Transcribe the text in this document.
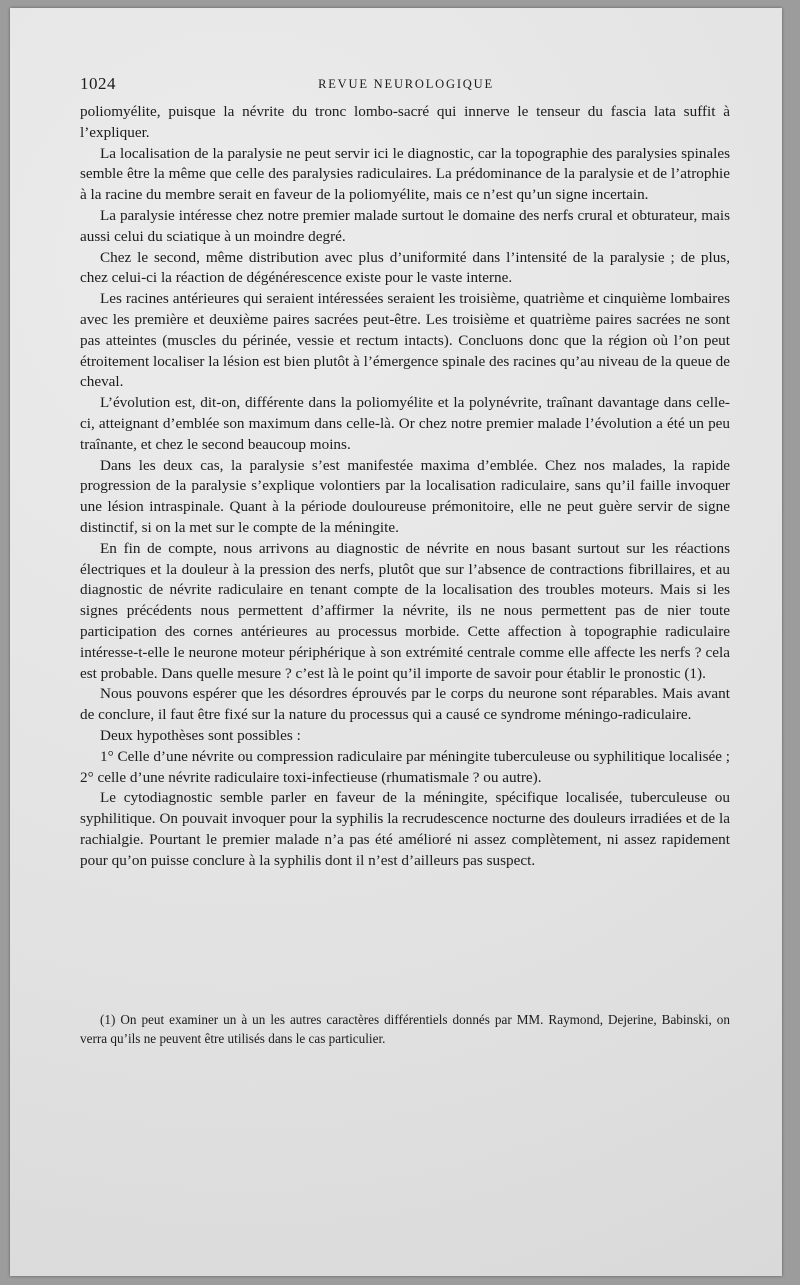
1024	REVUE NEUROLOGIQUE

poliomyélite, puisque la névrite du tronc lombo-sacré qui innerve le tenseur du fascia lata suffit à l’expliquer.

La localisation de la paralysie ne peut servir ici le diagnostic, car la topographie des paralysies spinales semble être la même que celle des paralysies radiculaires. La prédominance de la paralysie et de l’atrophie à la racine du membre serait en faveur de la poliomyélite, mais ce n’est qu’un signe incertain.

La paralysie intéresse chez notre premier malade surtout le domaine des nerfs crural et obturateur, mais aussi celui du sciatique à un moindre degré.

Chez le second, même distribution avec plus d’uniformité dans l’intensité de la paralysie ; de plus, chez celui-ci la réaction de dégénérescence existe pour le vaste interne.

Les racines antérieures qui seraient intéressées seraient les troisième, quatrième et cinquième lombaires avec les première et deuxième paires sacrées peut-être. Les troisième et quatrième paires sacrées ne sont pas atteintes (muscles du périnée, vessie et rectum intacts). Concluons donc que la région où l’on peut étroitement localiser la lésion est bien plutôt à l’émergence spinale des racines qu’au niveau de la queue de cheval.

L’évolution est, dit-on, différente dans la poliomyélite et la polynévrite, traînant davantage dans celle-ci, atteignant d’emblée son maximum dans celle-là. Or chez notre premier malade l’évolution a été un peu traînante, et chez le second beaucoup moins.

Dans les deux cas, la paralysie s’est manifestée maxima d’emblée. Chez nos malades, la rapide progression de la paralysie s’explique volontiers par la localisation radiculaire, sans qu’il faille invoquer une lésion intraspinale. Quant à la période douloureuse prémonitoire, elle ne peut guère servir de signe distinctif, si on la met sur le compte de la méningite.

En fin de compte, nous arrivons au diagnostic de névrite en nous basant surtout sur les réactions électriques et la douleur à la pression des nerfs, plutôt que sur l’absence de contractions fibrillaires, et au diagnostic de névrite radiculaire en tenant compte de la localisation des troubles moteurs. Mais si les signes précédents nous permettent d’affirmer la névrite, ils ne nous permettent pas de nier toute participation des cornes antérieures au processus morbide. Cette affection à topographie radiculaire intéresse-t-elle le neurone moteur périphérique à son extrémité centrale comme elle affecte les nerfs ? cela est probable. Dans quelle mesure ? c’est là le point qu’il importe de savoir pour établir le pronostic (1).

Nous pouvons espérer que les désordres éprouvés par le corps du neurone sont réparables. Mais avant de conclure, il faut être fixé sur la nature du processus qui a causé ce syndrome méningo-radiculaire.

Deux hypothèses sont possibles :

1° Celle d’une névrite ou compression radiculaire par méningite tuberculeuse ou syphilitique localisée ; 2° celle d’une névrite radiculaire toxi-infectieuse (rhumatismale ? ou autre).

Le cytodiagnostic semble parler en faveur de la méningite, spécifique localisée, tuberculeuse ou syphilitique. On pouvait invoquer pour la syphilis la recrudescence nocturne des douleurs irradiées et de la rachialgie. Pourtant le premier malade n’a pas été amélioré ni assez complètement, ni assez rapidement pour qu’on puisse conclure à la syphilis dont il n’est d’ailleurs pas suspect.

(1) On peut examiner un à un les autres caractères différentiels donnés par MM. Raymond, Dejerine, Babinski, on verra qu’ils ne peuvent être utilisés dans le cas particulier.
